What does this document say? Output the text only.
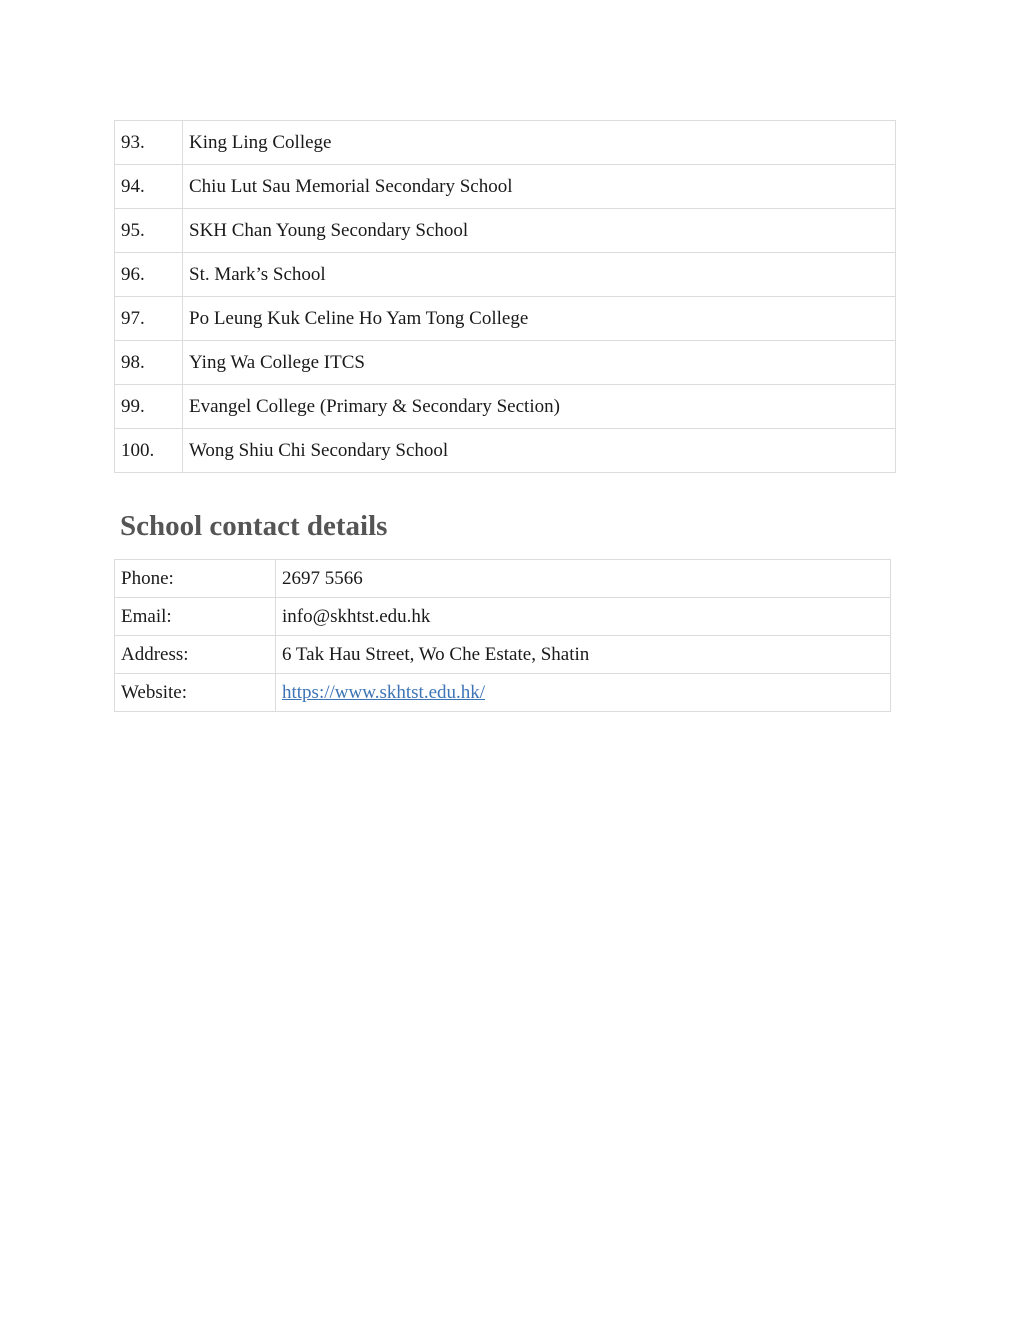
93.	King Ling College
94.	Chiu Lut Sau Memorial Secondary School
95.	SKH Chan Young Secondary School
96.	St. Mark’s School
97.	Po Leung Kuk Celine Ho Yam Tong College
98.	Ying Wa College ITCS
99.	Evangel College (Primary & Secondary Section)
100.	Wong Shiu Chi Secondary School
School contact details
Phone:	2697 5566
Email:	info@skhtst.edu.hk
Address:	6 Tak Hau Street, Wo Che Estate, Shatin
Website:	https://www.skhtst.edu.hk/
